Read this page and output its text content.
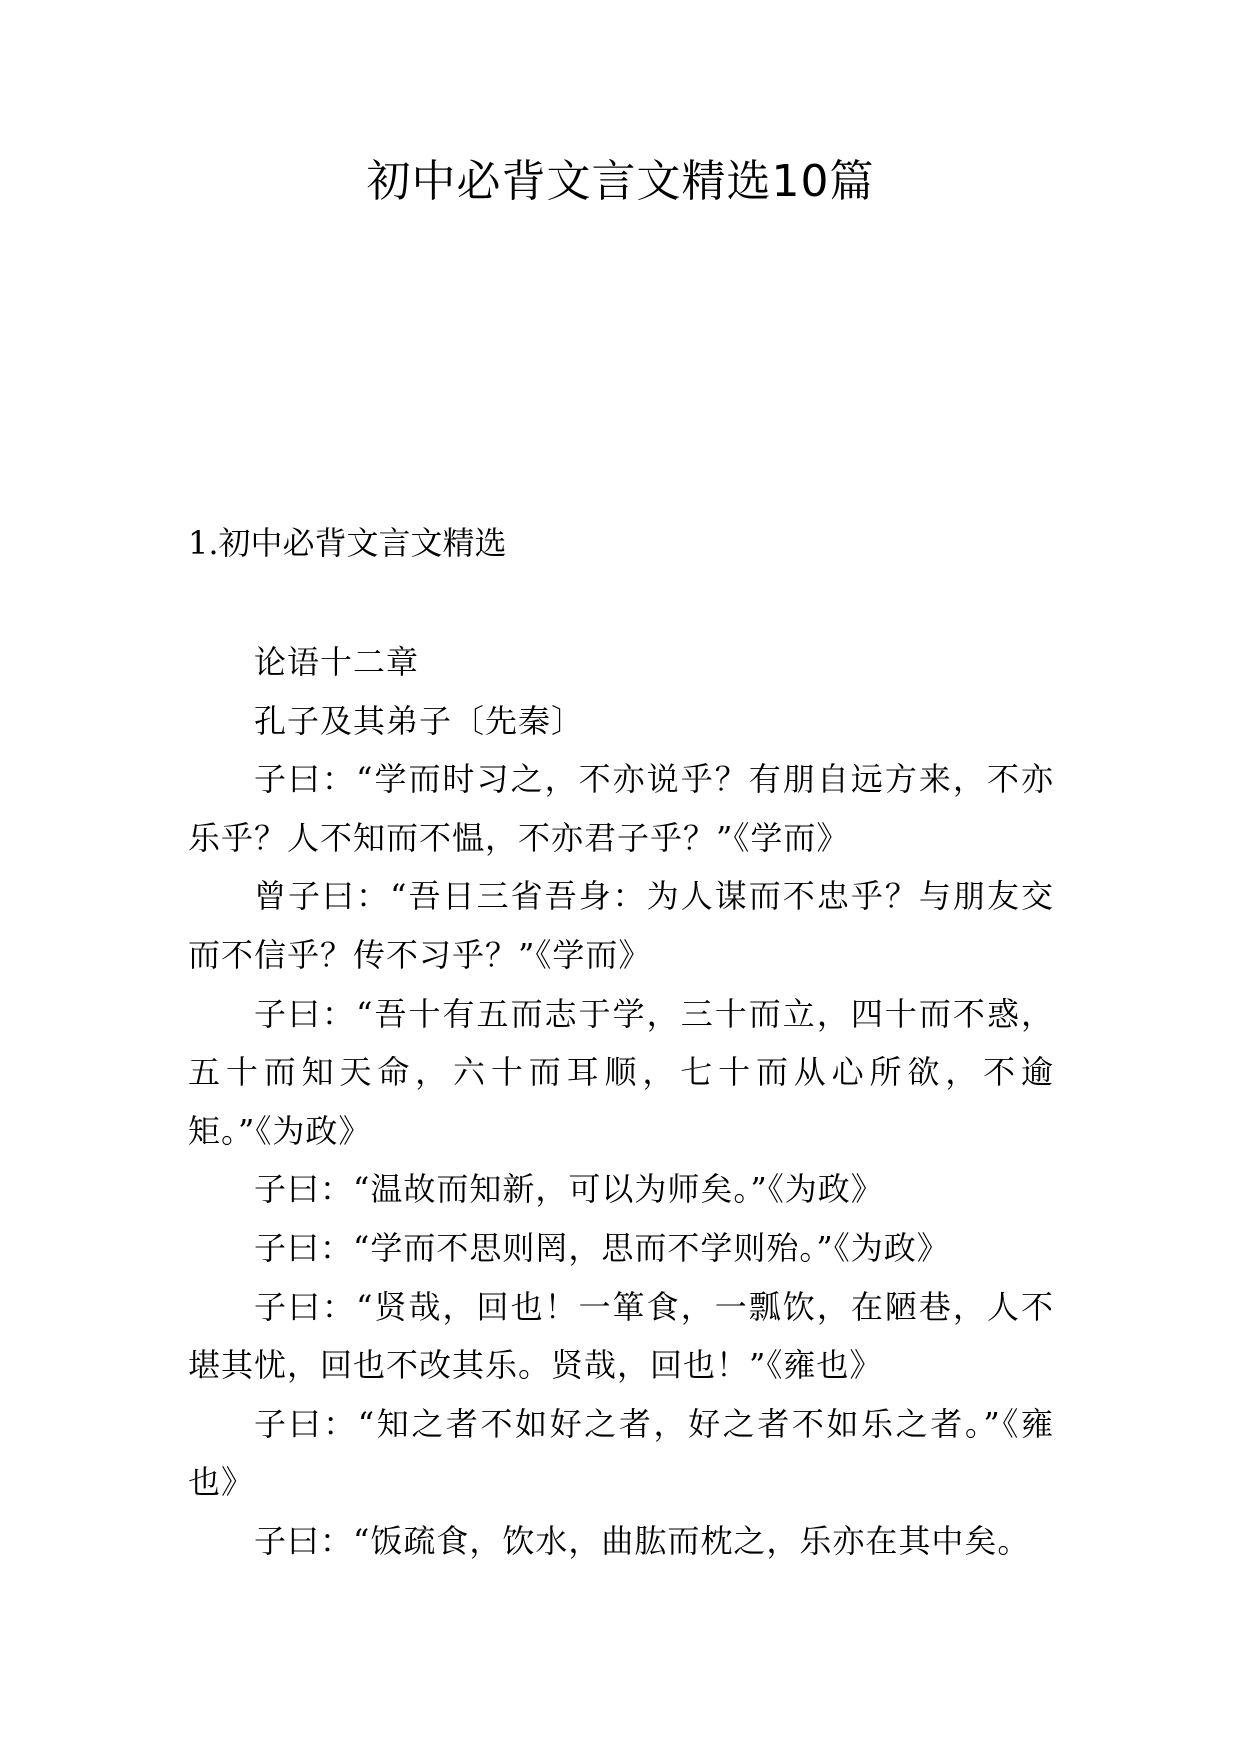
初中必背文言文精选10篇
1.初中必背文言文精选

论语十二章

孔子及其弟子〔先秦〕

子曰：“学而时习之，不亦说乎？有朋自远方来，不亦乐乎？人不知而不愠，不亦君子乎？”《学而》

曾子曰：“吾日三省吾身：为人谋而不忠乎？与朋友交而不信乎？传不习乎？”《学而》

子曰：“吾十有五而志于学，三十而立，四十而不惑，五十而知天命，六十而耳顺，七十而从心所欲，不逾矩。”《为政》

子曰：“温故而知新，可以为师矣。”《为政》

子曰：“学而不思则罔，思而不学则殆。”《为政》

子曰：“贤哉，回也！一箪食，一瓢饮，在陋巷，人不堪其忧，回也不改其乐。贤哉，回也！”《雍也》

子曰：“知之者不如好之者，好之者不如乐之者。”《雍也》

子曰：“饭疏食，饮水，曲肱而枕之，乐亦在其中矣。
